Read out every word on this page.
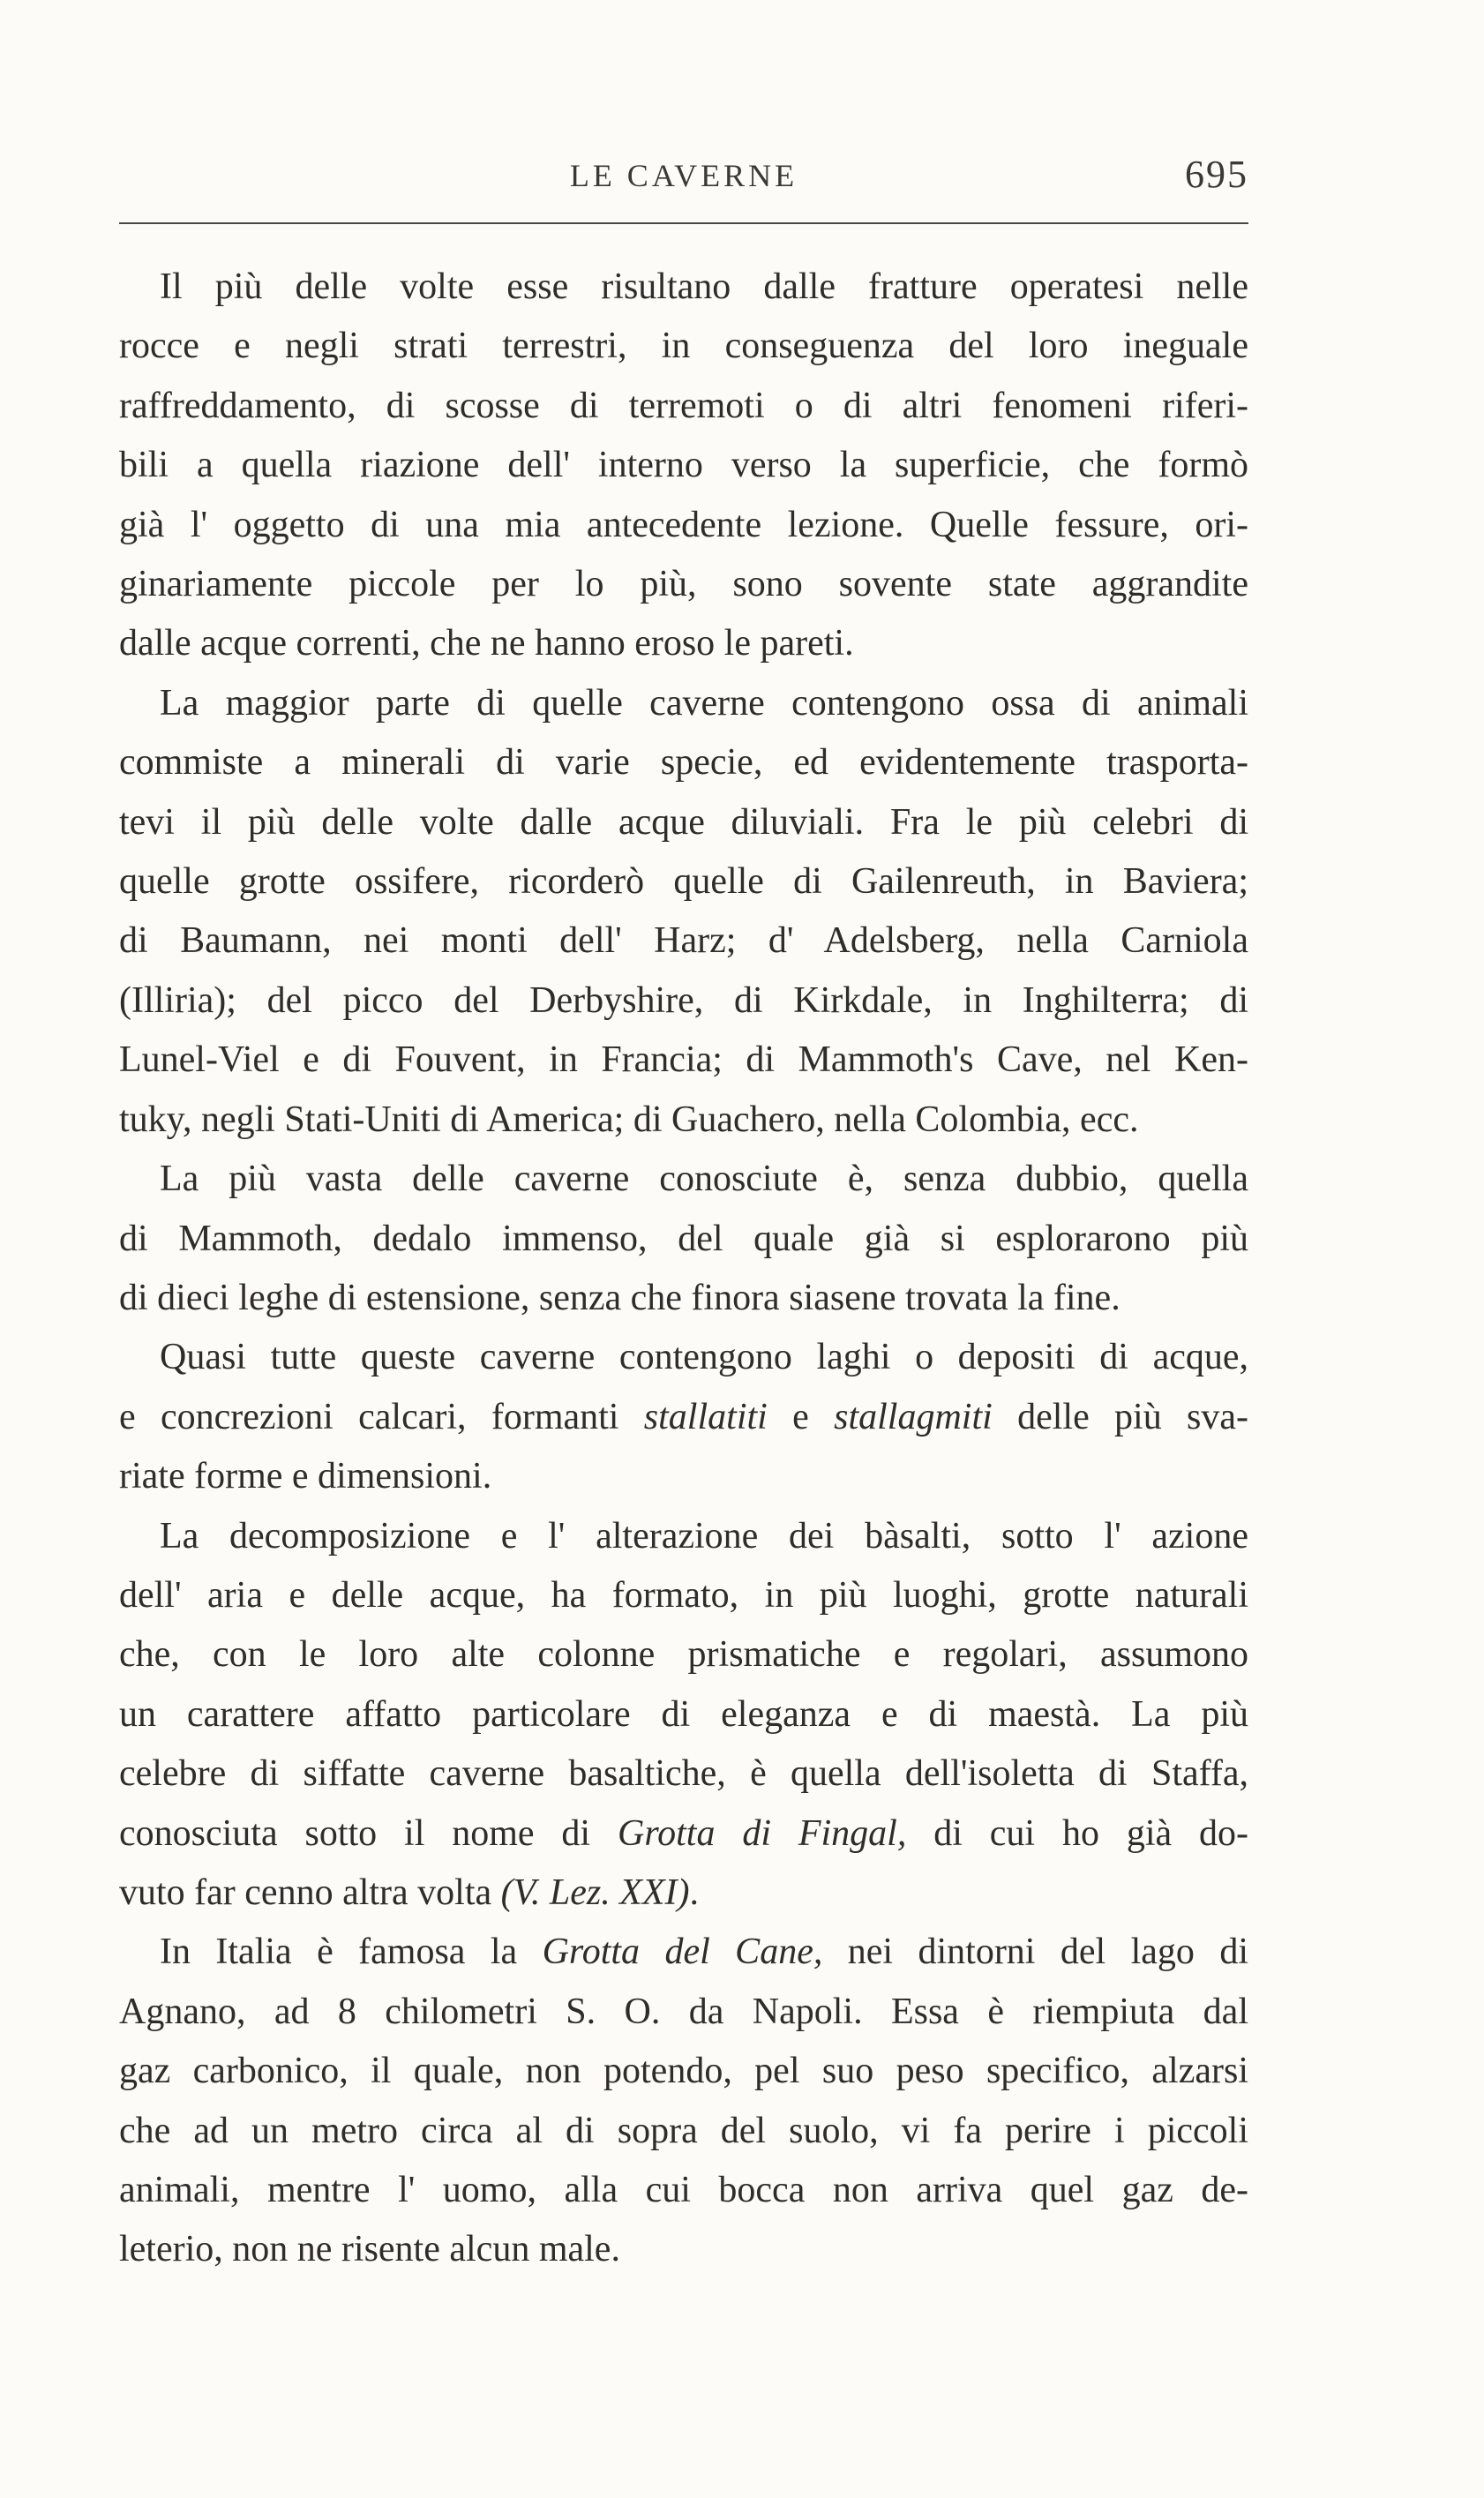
LE CAVERNE	695

Il più delle volte esse risultano dalle fratture operatesi nelle
rocce e negli strati terrestri, in conseguenza del loro ineguale
raffreddamento, di scosse di terremoti o di altri fenomeni riferi-
bili a quella riazione dell' interno verso la superficie, che formò
già l' oggetto di una mia antecedente lezione. Quelle fessure, ori-
ginariamente piccole per lo più, sono sovente state aggrandite
dalle acque correnti, che ne hanno eroso le pareti.

La maggior parte di quelle caverne contengono ossa di animali
commiste a minerali di varie specie, ed evidentemente trasporta-
tevi il più delle volte dalle acque diluviali. Fra le più celebri di
quelle grotte ossifere, ricorderò quelle di Gailenreuth, in Baviera;
di Baumann, nei monti dell' Harz; d' Adelsberg, nella Carniola
(Illiria); del picco del Derbyshire, di Kirkdale, in Inghilterra; di
Lunel-Viel e di Fouvent, in Francia; di Mammoth's Cave, nel Ken-
tuky, negli Stati-Uniti di America; di Guachero, nella Colombia, ecc.

La più vasta delle caverne conosciute è, senza dubbio, quella
di Mammoth, dedalo immenso, del quale già si esplorarono più
di dieci leghe di estensione, senza che finora siasene trovata la fine.

Quasi tutte queste caverne contengono laghi o depositi di acque,
e concrezioni calcari, formanti stallatiti e stallagmiti delle più sva-
riate forme e dimensioni.

La decomposizione e l' alterazione dei bàsalti, sotto l' azione
dell' aria e delle acque, ha formato, in più luoghi, grotte naturali
che, con le loro alte colonne prismatiche e regolari, assumono
un carattere affatto particolare di eleganza e di maestà. La più
celebre di siffatte caverne basaltiche, è quella dell'isoletta di Staffa,
conosciuta sotto il nome di Grotta di Fingal, di cui ho già do-
vuto far cenno altra volta (V. Lez. XXI).

In Italia è famosa la Grotta del Cane, nei dintorni del lago di
Agnano, ad 8 chilometri S. O. da Napoli. Essa è riempiuta dal
gaz carbonico, il quale, non potendo, pel suo peso specifico, alzarsi
che ad un metro circa al di sopra del suolo, vi fa perire i piccoli
animali, mentre l' uomo, alla cui bocca non arriva quel gaz de-
leterio, non ne risente alcun male.
